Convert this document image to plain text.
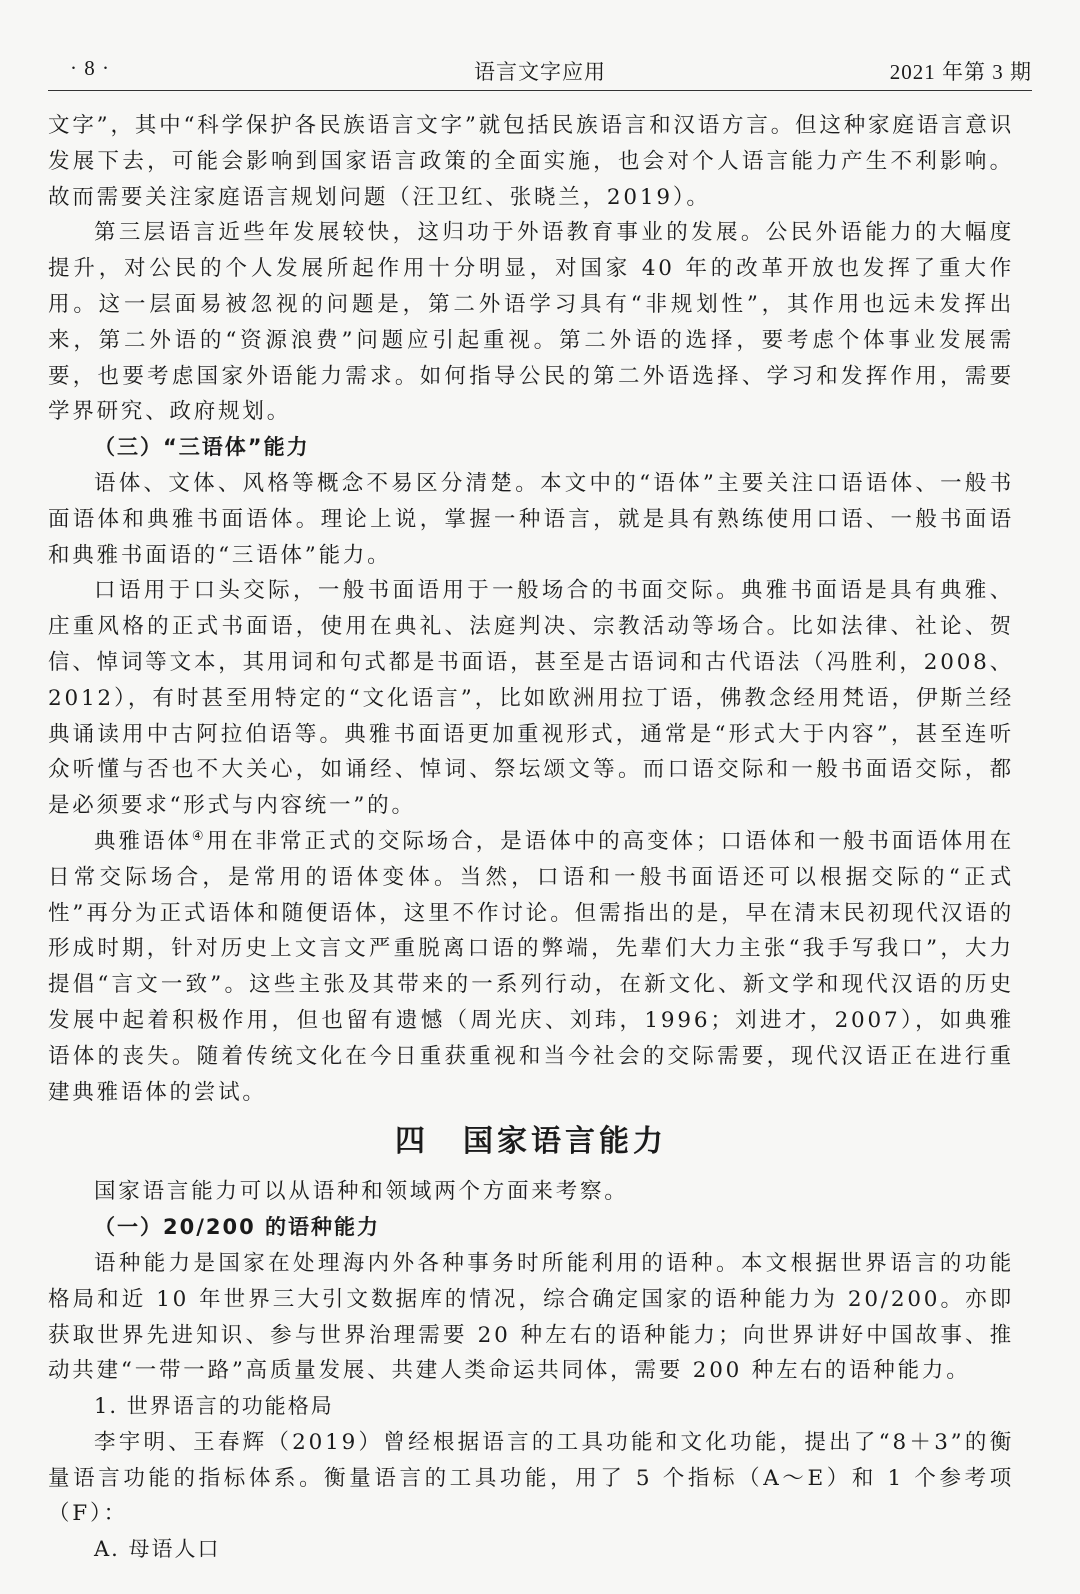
· 8 ·	语言文字应用	2021 年第 3 期

文字”，其中“科学保护各民族语言文字”就包括民族语言和汉语方言。但这种家庭语言意识发展下去，可能会影响到国家语言政策的全面实施，也会对个人语言能力产生不利影响。故而需要关注家庭语言规划问题（汪卫红、张晓兰，2019）。

第三层语言近些年发展较快，这归功于外语教育事业的发展。公民外语能力的大幅度提升，对公民的个人发展所起作用十分明显，对国家 40 年的改革开放也发挥了重大作用。这一层面易被忽视的问题是，第二外语学习具有“非规划性”，其作用也远未发挥出来，第二外语的“资源浪费”问题应引起重视。第二外语的选择，要考虑个体事业发展需要，也要考虑国家外语能力需求。如何指导公民的第二外语选择、学习和发挥作用，需要学界研究、政府规划。

（三）“三语体”能力

语体、文体、风格等概念不易区分清楚。本文中的“语体”主要关注口语语体、一般书面语体和典雅书面语体。理论上说，掌握一种语言，就是具有熟练使用口语、一般书面语和典雅书面语的“三语体”能力。

口语用于口头交际，一般书面语用于一般场合的书面交际。典雅书面语是具有典雅、庄重风格的正式书面语，使用在典礼、法庭判决、宗教活动等场合。比如法律、社论、贺信、悼词等文本，其用词和句式都是书面语，甚至是古语词和古代语法（冯胜利，2008、2012），有时甚至用特定的“文化语言”，比如欧洲用拉丁语，佛教念经用梵语，伊斯兰经典诵读用中古阿拉伯语等。典雅书面语更加重视形式，通常是“形式大于内容”，甚至连听众听懂与否也不大关心，如诵经、悼词、祭坛颂文等。而口语交际和一般书面语交际，都是必须要求“形式与内容统一”的。

典雅语体④用在非常正式的交际场合，是语体中的高变体；口语体和一般书面语体用在日常交际场合，是常用的语体变体。当然，口语和一般书面语还可以根据交际的“正式性”再分为正式语体和随便语体，这里不作讨论。但需指出的是，早在清末民初现代汉语的形成时期，针对历史上文言文严重脱离口语的弊端，先辈们大力主张“我手写我口”，大力提倡“言文一致”。这些主张及其带来的一系列行动，在新文化、新文学和现代汉语的历史发展中起着积极作用，但也留有遗憾（周光庆、刘玮，1996；刘进才，2007），如典雅语体的丧失。随着传统文化在今日重获重视和当今社会的交际需要，现代汉语正在进行重建典雅语体的尝试。

四　国家语言能力

国家语言能力可以从语种和领域两个方面来考察。

（一）20/200 的语种能力

语种能力是国家在处理海内外各种事务时所能利用的语种。本文根据世界语言的功能格局和近 10 年世界三大引文数据库的情况，综合确定国家的语种能力为 20/200。亦即获取世界先进知识、参与世界治理需要 20 种左右的语种能力；向世界讲好中国故事、推动共建“一带一路”高质量发展、共建人类命运共同体，需要 200 种左右的语种能力。

1. 世界语言的功能格局

李宇明、王春辉（2019）曾经根据语言的工具功能和文化功能，提出了“8＋3”的衡量语言功能的指标体系。衡量语言的工具功能，用了 5 个指标（A～E）和 1 个参考项（F）：

A. 母语人口
